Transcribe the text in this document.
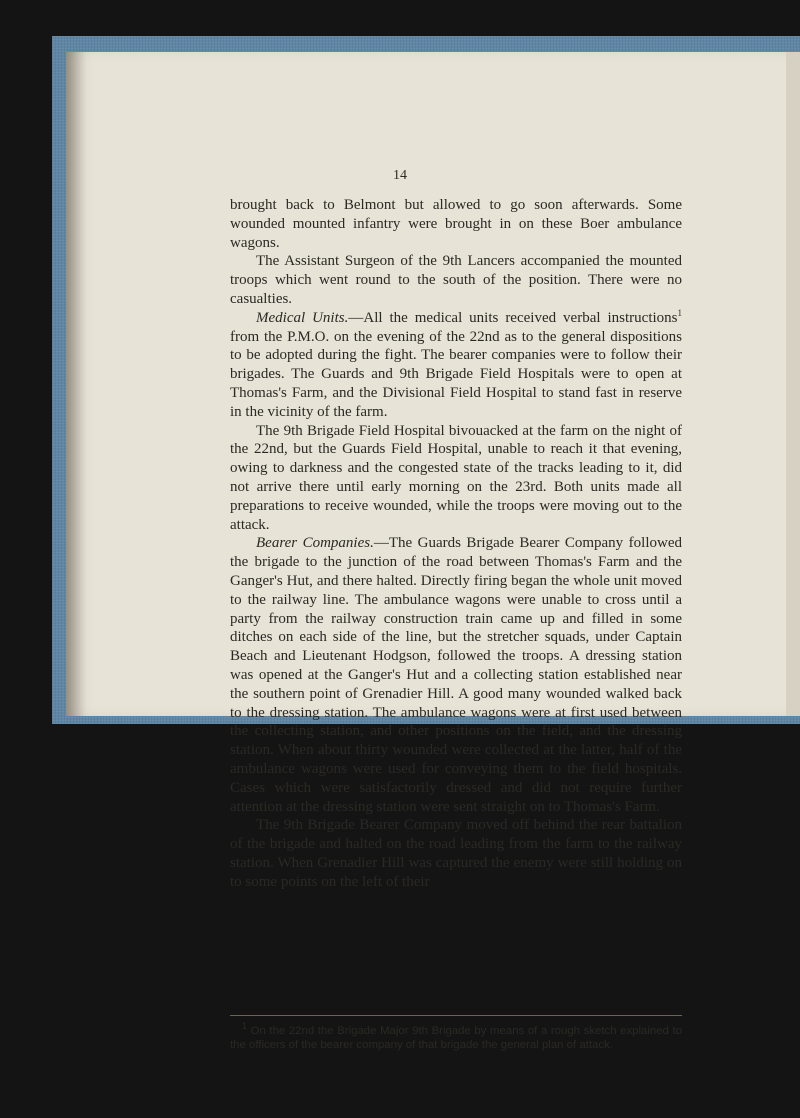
14

brought back to Belmont but allowed to go soon afterwards. Some wounded mounted infantry were brought in on these Boer ambulance wagons.

The Assistant Surgeon of the 9th Lancers accompanied the mounted troops which went round to the south of the position. There were no casualties.

Medical Units.—All the medical units received verbal instructions$^1$ from the P.M.O. on the evening of the 22nd as to the general dispositions to be adopted during the fight. The bearer companies were to follow their brigades. The Guards and 9th Brigade Field Hospitals were to open at Thomas's Farm, and the Divisional Field Hospital to stand fast in reserve in the vicinity of the farm.

The 9th Brigade Field Hospital bivouacked at the farm on the night of the 22nd, but the Guards Field Hospital, unable to reach it that evening, owing to darkness and the congested state of the tracks leading to it, did not arrive there until early morning on the 23rd. Both units made all preparations to receive wounded, while the troops were moving out to the attack.

Bearer Companies.—The Guards Brigade Bearer Company followed the brigade to the junction of the road between Thomas's Farm and the Ganger's Hut, and there halted. Directly firing began the whole unit moved to the railway line. The ambulance wagons were unable to cross until a party from the railway construction train came up and filled in some ditches on each side of the line, but the stretcher squads, under Captain Beach and Lieutenant Hodgson, followed the troops. A dressing station was opened at the Ganger's Hut and a collecting station established near the southern point of Grenadier Hill. A good many wounded walked back to the dressing station. The ambulance wagons were at first used between the collecting station, and other positions on the field, and the dressing station. When about thirty wounded were collected at the latter, half of the ambulance wagons were used for conveying them to the field hospitals. Cases which were satisfactorily dressed and did not require further attention at the dressing station were sent straight on to Thomas's Farm.

The 9th Brigade Bearer Company moved off behind the rear battalion of the brigade and halted on the road leading from the farm to the railway station. When Grenadier Hill was captured the enemy were still holding on to some points on the left of their

$^1$ On the 22nd the Brigade Major 9th Brigade by means of a rough sketch explained to the officers of the bearer company of that brigade the general plan of attack.
